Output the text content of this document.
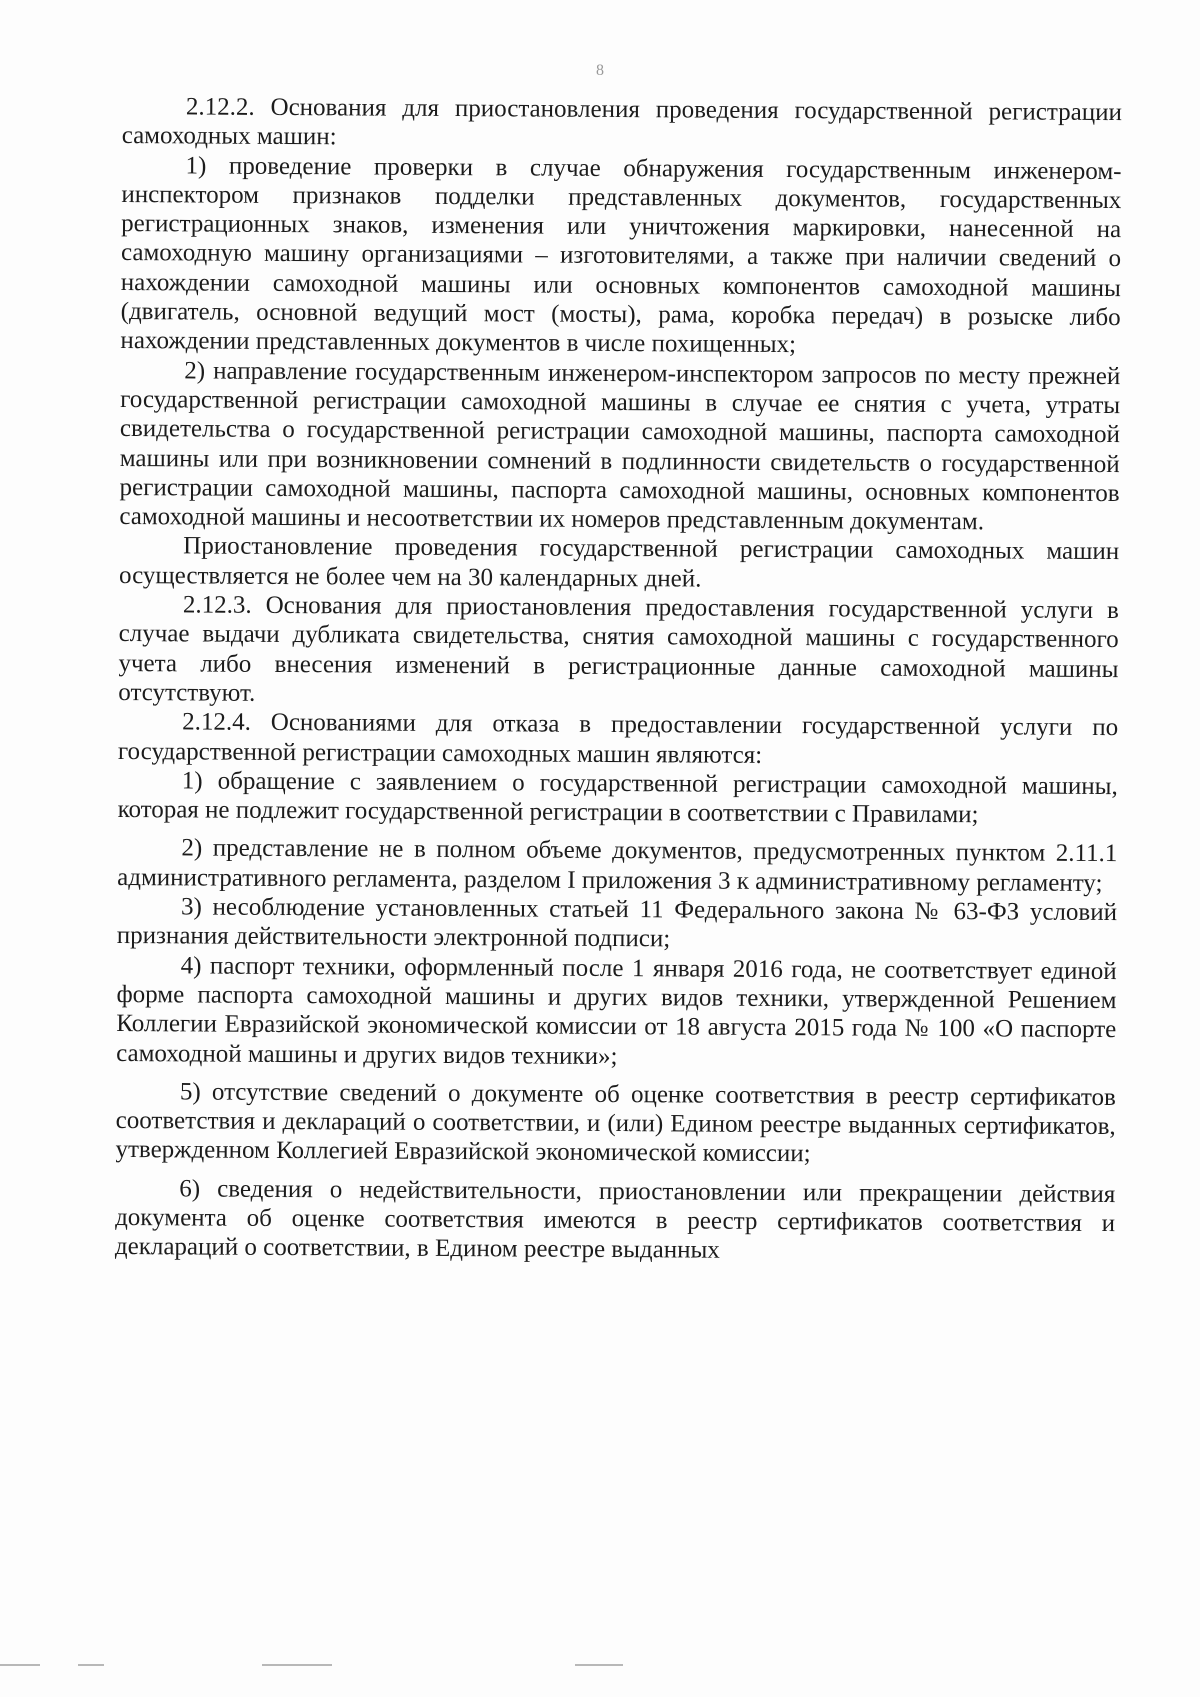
8

2.12.2. Основания для приостановления проведения государственной регистрации самоходных машин:

1) проведение проверки в случае обнаружения государственным инженером-инспектором признаков подделки представленных документов, государственных регистрационных знаков, изменения или уничтожения маркировки, нанесенной на самоходную машину организациями – изготовителями, а также при наличии сведений о нахождении самоходной машины или основных компонентов самоходной машины (двигатель, основной ведущий мост (мосты), рама, коробка передач) в розыске либо нахождении представленных документов в числе похищенных;

2) направление государственным инженером-инспектором запросов по месту прежней государственной регистрации самоходной машины в случае ее снятия с учета, утраты свидетельства о государственной регистрации самоходной машины, паспорта самоходной машины или при возникновении сомнений в подлинности свидетельств о государственной регистрации самоходной машины, паспорта самоходной машины, основных компонентов самоходной машины и несоответствии их номеров представленным документам.

Приостановление проведения государственной регистрации самоходных машин осуществляется не более чем на 30 календарных дней.

2.12.3. Основания для приостановления предоставления государственной услуги в случае выдачи дубликата свидетельства, снятия самоходной машины с государственного учета либо внесения изменений в регистрационные данные самоходной машины отсутствуют.

2.12.4. Основаниями для отказа в предоставлении государственной услуги по государственной регистрации самоходных машин являются:

1) обращение с заявлением о государственной регистрации самоходной машины, которая не подлежит государственной регистрации в соответствии с Правилами;

2) представление не в полном объеме документов, предусмотренных пунктом 2.11.1 административного регламента, разделом I приложения 3 к административному регламенту;

3) несоблюдение установленных статьей 11 Федерального закона № 63-ФЗ условий признания действительности электронной подписи;

4) паспорт техники, оформленный после 1 января 2016 года, не соответствует единой форме паспорта самоходной машины и других видов техники, утвержденной Решением Коллегии Евразийской экономической комиссии от 18 августа 2015 года № 100 «О паспорте самоходной машины и других видов техники»;

5) отсутствие сведений о документе об оценке соответствия в реестр сертификатов соответствия и деклараций о соответствии, и (или) Едином реестре выданных сертификатов, утвержденном Коллегией Евразийской экономической комиссии;

6) сведения о недействительности, приостановлении или прекращении действия документа об оценке соответствия имеются в реестр сертификатов соответствия и деклараций о соответствии, в Едином реестре выданных
